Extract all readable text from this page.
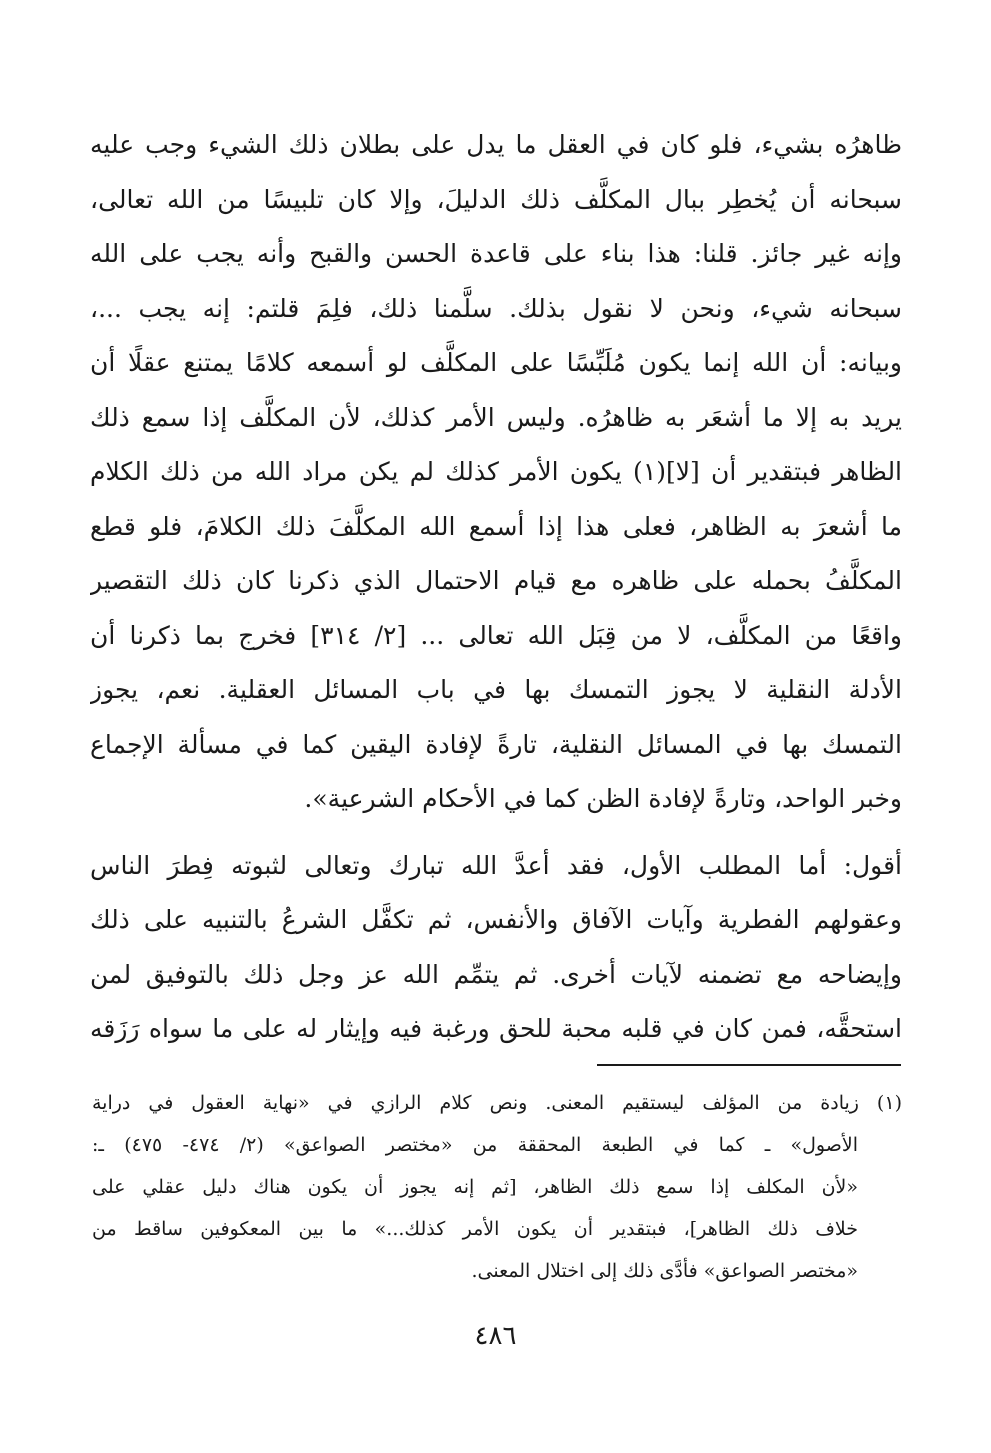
ظاهرُه بشيء، فلو كان في العقل ما يدل على بطلان ذلك الشيء وجب عليه
سبحانه أن يُخطِر ببال المكلَّف ذلك الدليلَ، وإلا كان تلبيسًا من الله تعالى،
وإنه غير جائز. قلنا: هذا بناء على قاعدة الحسن والقبح وأنه يجب على الله
سبحانه شيء، ونحن لا نقول بذلك. سلَّمنا ذلك، فلِمَ قلتم: إنه يجب ...،
وبيانه: أن الله إنما يكون مُلَبِّسًا على المكلَّف لو أسمعه كلامًا يمتنع عقلًا أن
يريد به إلا ما أشعَر به ظاهرُه. وليس الأمر كذلك، لأن المكلَّف إذا سمع ذلك
الظاهر فبتقدير أن [لا](١) يكون الأمر كذلك لم يكن مراد الله من ذلك الكلام
ما أشعرَ به الظاهر، فعلى هذا إذا أسمع الله المكلَّفَ ذلك الكلامَ، فلو قطع
المكلَّفُ بحمله على ظاهره مع قيام الاحتمال الذي ذكرنا كان ذلك التقصير
واقعًا من المكلَّف، لا من قِبَل الله تعالى ... [٢/ ٣١٤] فخرج بما ذكرنا أن
الأدلة النقلية لا يجوز التمسك بها في باب المسائل العقلية. نعم، يجوز
التمسك بها في المسائل النقلية، تارةً لإفادة اليقين كما في مسألة الإجماع
وخبر الواحد، وتارةً لإفادة الظن كما في الأحكام الشرعية».
أقول: أما المطلب الأول، فقد أعدَّ الله تبارك وتعالى لثبوته فِطرَ الناس
وعقولهم الفطرية وآيات الآفاق والأنفس، ثم تكفَّل الشرعُ بالتنبيه على ذلك
وإيضاحه مع تضمنه لآيات أخرى. ثم يتمِّم الله عز وجل ذلك بالتوفيق لمن
استحقَّه، فمن كان في قلبه محبة للحق ورغبة فيه وإيثار له على ما سواه رَزَقه
(١) زيادة من المؤلف ليستقيم المعنى. ونص كلام الرازي في «نهاية العقول في دراية
الأصول» ـ كما في الطبعة المحققة من «مختصر الصواعق» (٢/ ٤٧٤- ٤٧٥) ـ:
«لأن المكلف إذا سمع ذلك الظاهر، [ثم إنه يجوز أن يكون هناك دليل عقلي على
خلاف ذلك الظاهر]، فبتقدير أن يكون الأمر كذلك...» ما بين المعكوفين ساقط من
«مختصر الصواعق» فأدَّى ذلك إلى اختلال المعنى.
٤٨٦
